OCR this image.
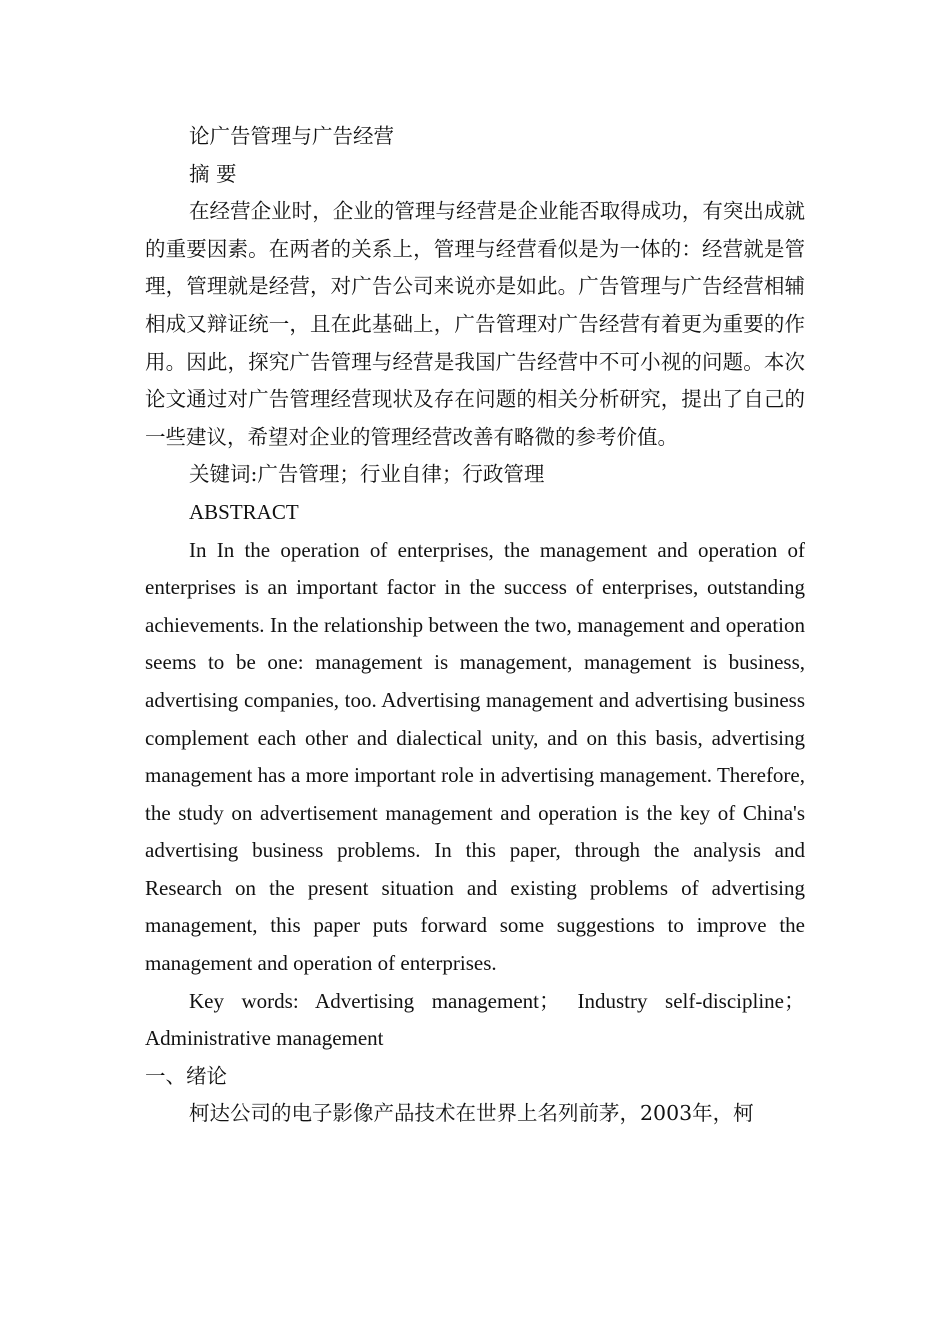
论广告管理与广告经营

摘 要

在经营企业时，企业的管理与经营是企业能否取得成功，有突出成就的重要因素。在两者的关系上，管理与经营看似是为一体的：经营就是管理，管理就是经营，对广告公司来说亦是如此。广告管理与广告经营相辅相成又辩证统一，且在此基础上，广告管理对广告经营有着更为重要的作用。因此，探究广告管理与经营是我国广告经营中不可小视的问题。本次论文通过对广告管理经营现状及存在问题的相关分析研究，提出了自己的一些建议，希望对企业的管理经营改善有略微的参考价值。

关键词:广告管理；行业自律；行政管理

ABSTRACT

In In the operation of enterprises, the management and operation of enterprises is an important factor in the success of enterprises, outstanding achievements. In the relationship between the two, management and operation seems to be one: management is management, management is business, advertising companies, too. Advertising management and advertising business complement each other and dialectical unity, and on this basis, advertising management has a more important role in advertising management. Therefore, the study on advertisement management and operation is the key of China's advertising business problems. In this paper, through the analysis and Research on the present situation and existing problems of advertising management, this paper puts forward some suggestions to improve the management and operation of enterprises.

Key words: Advertising management； Industry self-discipline；Administrative management

一、绪论

柯达公司的电子影像产品技术在世界上名列前茅，2003年，柯
